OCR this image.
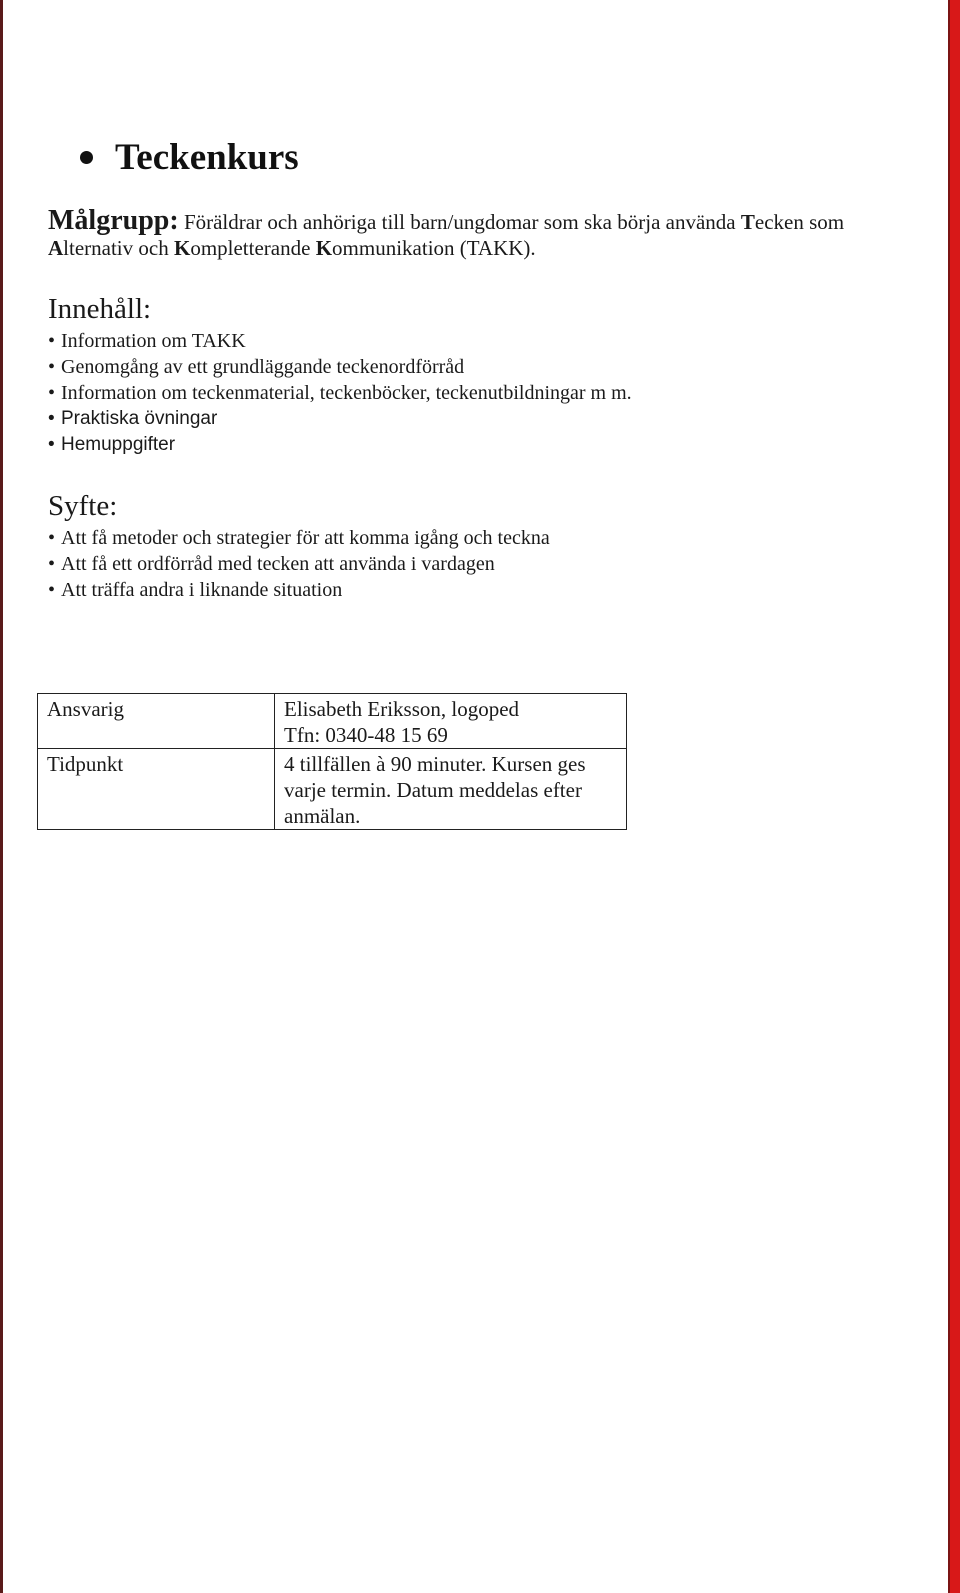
Teckenkurs
Målgrupp: Föräldrar och anhöriga till barn/ungdomar som ska börja använda Tecken som Alternativ och Kompletterande Kommunikation (TAKK).
Innehåll:
• Information om TAKK
• Genomgång av ett grundläggande teckenordförråd
• Information om teckenmaterial, teckenböcker, teckenutbildningar m m.
• Praktiska övningar
• Hemuppgifter
Syfte:
• Att få metoder och strategier för att komma igång och teckna
• Att få ett ordförråd med tecken att använda i vardagen
• Att träffa andra i liknande situation
Ansvarig	Elisabeth Eriksson, logoped
Tfn: 0340-48 15 69

Tidpunkt	4 tillfällen à 90 minuter. Kursen ges
varje termin. Datum meddelas efter
anmälan.
